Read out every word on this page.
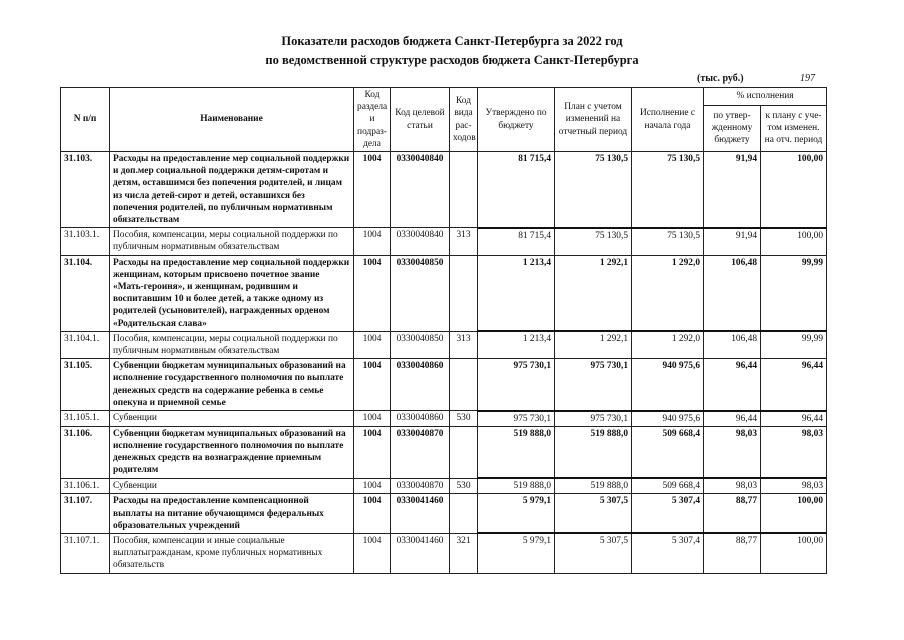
Показатели расходов бюджета Санкт-Петербурга за 2022 год
по ведомственной структуре расходов бюджета Санкт-Петербурга
(тыс. руб.)	197
N п/п	Наименование	Код раздела и подраз-дела	Код целевой статьи	Код вида рас-ходов	Утверждено по бюджету	План с учетом изменений на отчетный период	Исполнение с начала года	% исполнения	
								по утвер-жденному бюджету	к плану с уче-том изменен. на отч. период
31.103.	Расходы на предоставление мер социальной поддержки и доп.мер социальной поддержки детям-сиротам и детям, оставшимся без попечения родителей, и лицам из числа детей-сирот и детей, оставшихся без попечения родителей, по публичным нормативным обязательствам	1004	0330040840		81 715,4	75 130,5	75 130,5	91,94	100,00
31.103.1.	Пособия, компенсации, меры социальной поддержки по публичным нормативным обязательствам	1004	0330040840	313	81 715,4	75 130,5	75 130,5	91,94	100,00
31.104.	Расходы на предоставление мер социальной поддержки женщинам, которым присвоено почетное звание «Мать-героиня», и женщинам, родившим и воспитавшим 10 и более детей, а также одному из родителей (усыновителей), награжденных орденом «Родительская слава»	1004	0330040850		1 213,4	1 292,1	1 292,0	106,48	99,99
31.104.1.	Пособия, компенсации, меры социальной поддержки по публичным нормативным обязательствам	1004	0330040850	313	1 213,4	1 292,1	1 292,0	106,48	99,99
31.105.	Субвенции бюджетам муниципальных образований на исполнение государственного полномочия по выплате денежных средств на содержание ребенка в семье опекуна и приемной семье	1004	0330040860		975 730,1	975 730,1	940 975,6	96,44	96,44
31.105.1.	Субвенции	1004	0330040860	530	975 730,1	975 730,1	940 975,6	96,44	96,44
31.106.	Субвенции бюджетам муниципальных образований на исполнение государственного полномочия по выплате денежных средств на вознаграждение приемным родителям	1004	0330040870		519 888,0	519 888,0	509 668,4	98,03	98,03
31.106.1.	Субвенции	1004	0330040870	530	519 888,0	519 888,0	509 668,4	98,03	98,03
31.107.	Расходы на предоставление компенсационной выплаты на питание обучающимся федеральных образовательных учреждений	1004	0330041460		5 979,1	5 307,5	5 307,4	88,77	100,00
31.107.1.	Пособия, компенсации и иные социальные выплатыгражданам, кроме публичных нормативных обязательств	1004	0330041460	321	5 979,1	5 307,5	5 307,4	88,77	100,00
